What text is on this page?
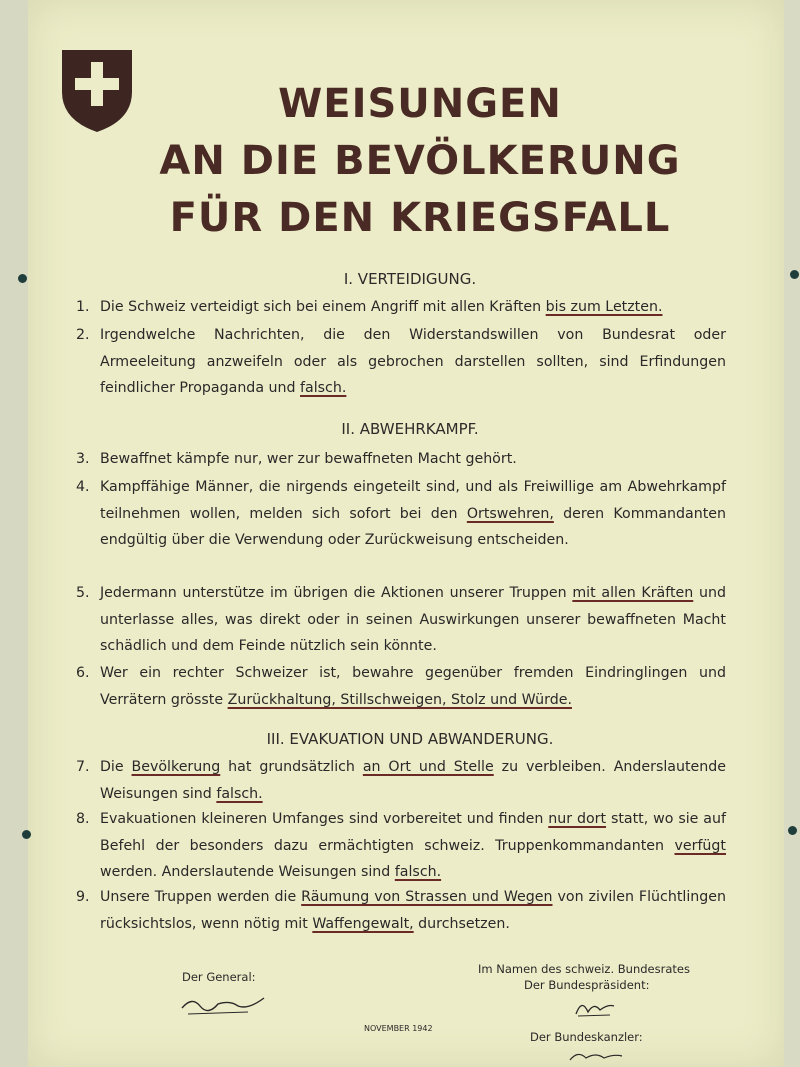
WEISUNGEN
AN DIE BEVÖLKERUNG
FÜR DEN KRIEGSFALL
I. VERTEIDIGUNG.
1. Die Schweiz verteidigt sich bei einem Angriff mit allen Kräften bis zum Letzten.
2. Irgendwelche Nachrichten, die den Widerstandswillen von Bundesrat oder Armeeleitung anzweifeln oder als gebrochen darstellen sollten, sind Erfindungen feindlicher Propaganda und falsch.
II. ABWEHRKAMPF.
3. Bewaffnet kämpfe nur, wer zur bewaffneten Macht gehört.
4. Kampffähige Männer, die nirgends eingeteilt sind, und als Freiwillige am Abwehrkampf teilnehmen wollen, melden sich sofort bei den Ortswehren, deren Kommandanten endgültig über die Verwendung oder Zurückweisung entscheiden.
5. Jedermann unterstütze im übrigen die Aktionen unserer Truppen mit allen Kräften und unterlasse alles, was direkt oder in seinen Auswirkungen unserer bewaffneten Macht schädlich und dem Feinde nützlich sein könnte.
6. Wer ein rechter Schweizer ist, bewahre gegenüber fremden Eindringlingen und Verrätern grösste Zurückhaltung, Stillschweigen, Stolz und Würde.
III. EVAKUATION UND ABWANDERUNG.
7. Die Bevölkerung hat grundsätzlich an Ort und Stelle zu verbleiben. Anderslautende Weisungen sind falsch.
8. Evakuationen kleineren Umfanges sind vorbereitet und finden nur dort statt, wo sie auf Befehl der besonders dazu ermächtigten schweiz. Truppenkommandanten verfügt werden. Anderslautende Weisungen sind falsch.
9. Unsere Truppen werden die Räumung von Strassen und Wegen von zivilen Flüchtlingen rücksichtslos, wenn nötig mit Waffengewalt, durchsetzen.
Der General:
NOVEMBER 1942
Im Namen des schweiz. Bundesrates
Der Bundespräsident:
Der Bundeskanzler:
